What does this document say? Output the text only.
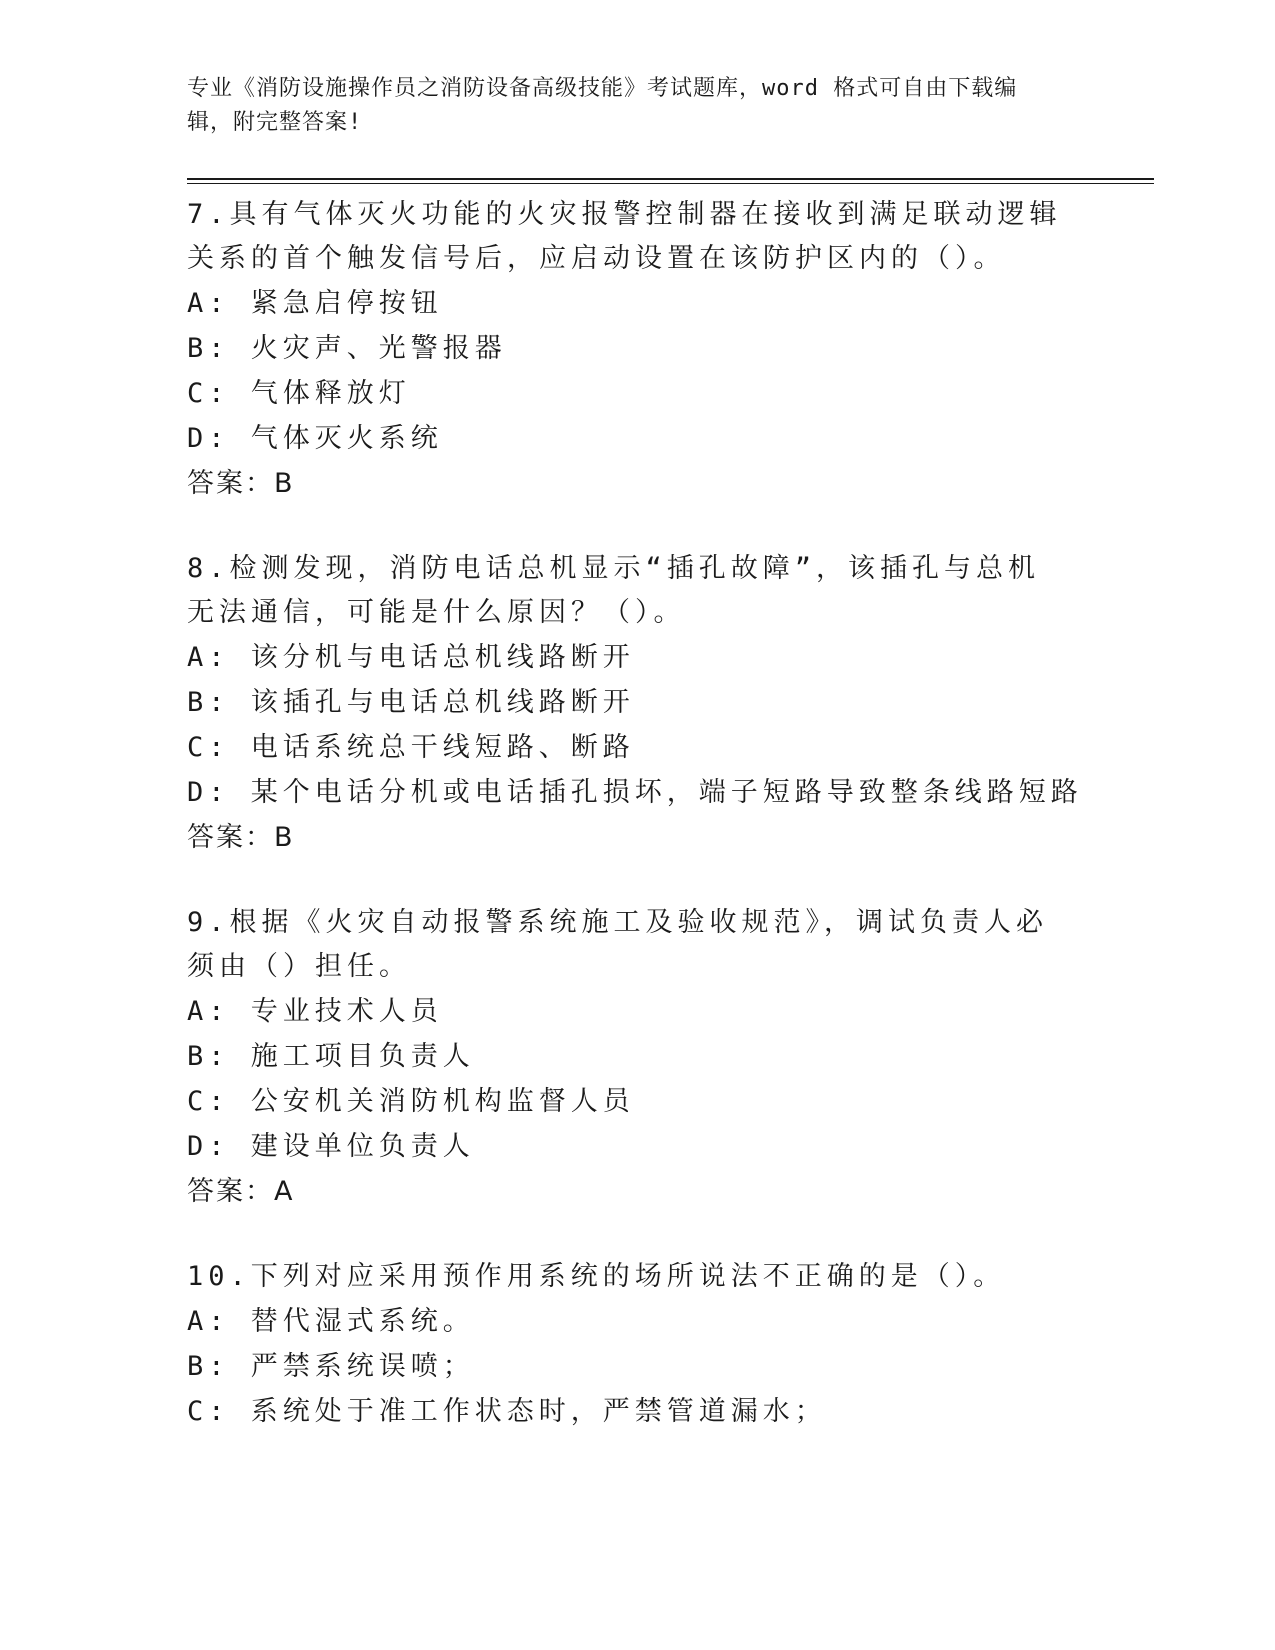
专业《消防设施操作员之消防设备高级技能》考试题库，word 格式可自由下载编
辑，附完整答案!
7.具有气体灭火功能的火灾报警控制器在接收到满足联动逻辑关系的首个触发信号后，应启动设置在该防护区内的（）。
A: 紧急启停按钮
B: 火灾声、光警报器
C: 气体释放灯
D: 气体灭火系统
答案：B
8.检测发现，消防电话总机显示“插孔故障”，该插孔与总机无法通信，可能是什么原因？（）。
A: 该分机与电话总机线路断开
B: 该插孔与电话总机线路断开
C: 电话系统总干线短路、断路
D: 某个电话分机或电话插孔损坏，端子短路导致整条线路短路
答案：B
9.根据《火灾自动报警系统施工及验收规范》，调试负责人必须由（）担任。
A: 专业技术人员
B: 施工项目负责人
C: 公安机关消防机构监督人员
D: 建设单位负责人
答案：A
10.下列对应采用预作用系统的场所说法不正确的是（）。
A: 替代湿式系统。
B: 严禁系统误喷；
C: 系统处于准工作状态时，严禁管道漏水；
